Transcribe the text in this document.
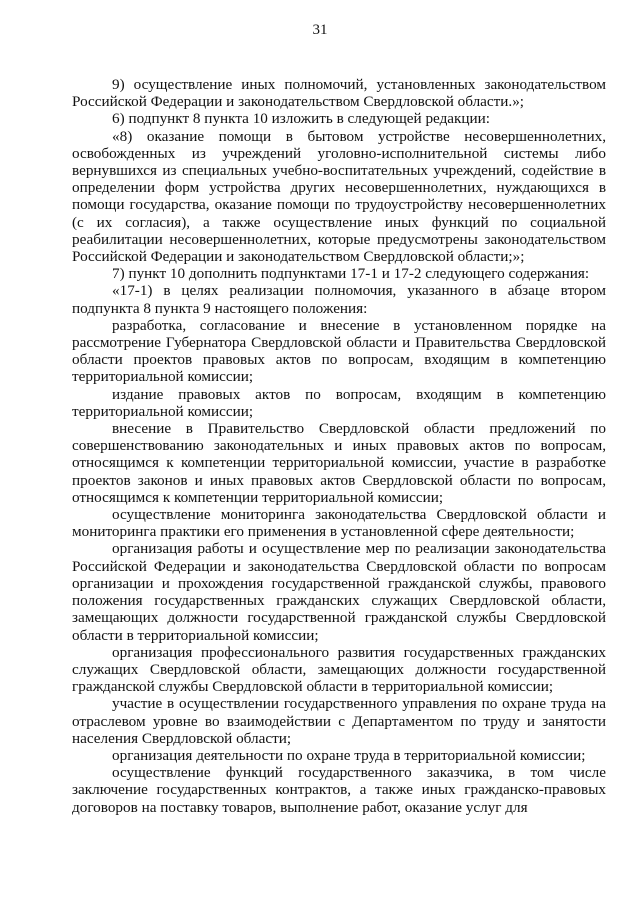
31

9) осуществление иных полномочий, установленных законодательством Российской Федерации и законодательством Свердловской области.»;

6) подпункт 8 пункта 10 изложить в следующей редакции:

«8) оказание помощи в бытовом устройстве несовершеннолетних, освобожденных из учреждений уголовно-исполнительной системы либо вернувшихся из специальных учебно-воспитательных учреждений, содействие в определении форм устройства других несовершеннолетних, нуждающихся в помощи государства, оказание помощи по трудоустройству несовершеннолетних (с их согласия), а также осуществление иных функций по социальной реабилитации несовершеннолетних, которые предусмотрены законодательством Российской Федерации и законодательством Свердловской области;»;

7) пункт 10 дополнить подпунктами 17-1 и 17-2 следующего содержания:

«17-1) в целях реализации полномочия, указанного в абзаце втором подпункта 8 пункта 9 настоящего положения:

разработка, согласование и внесение в установленном порядке на рассмотрение Губернатора Свердловской области и Правительства Свердловской области проектов правовых актов по вопросам, входящим в компетенцию территориальной комиссии;

издание правовых актов по вопросам, входящим в компетенцию территориальной комиссии;

внесение в Правительство Свердловской области предложений по совершенствованию законодательных и иных правовых актов по вопросам, относящимся к компетенции территориальной комиссии, участие в разработке проектов законов и иных правовых актов Свердловской области по вопросам, относящимся к компетенции территориальной комиссии;

осуществление мониторинга законодательства Свердловской области и мониторинга практики его применения в установленной сфере деятельности;

организация работы и осуществление мер по реализации законодательства Российской Федерации и законодательства Свердловской области по вопросам организации и прохождения государственной гражданской службы, правового положения государственных гражданских служащих Свердловской области, замещающих должности государственной гражданской службы Свердловской области в территориальной комиссии;

организация профессионального развития государственных гражданских служащих Свердловской области, замещающих должности государственной гражданской службы Свердловской области в территориальной комиссии;

участие в осуществлении государственного управления по охране труда на отраслевом уровне во взаимодействии с Департаментом по труду и занятости населения Свердловской области;

организация деятельности по охране труда в территориальной комиссии;

осуществление функций государственного заказчика, в том числе заключение государственных контрактов, а также иных гражданско-правовых договоров на поставку товаров, выполнение работ, оказание услуг для
